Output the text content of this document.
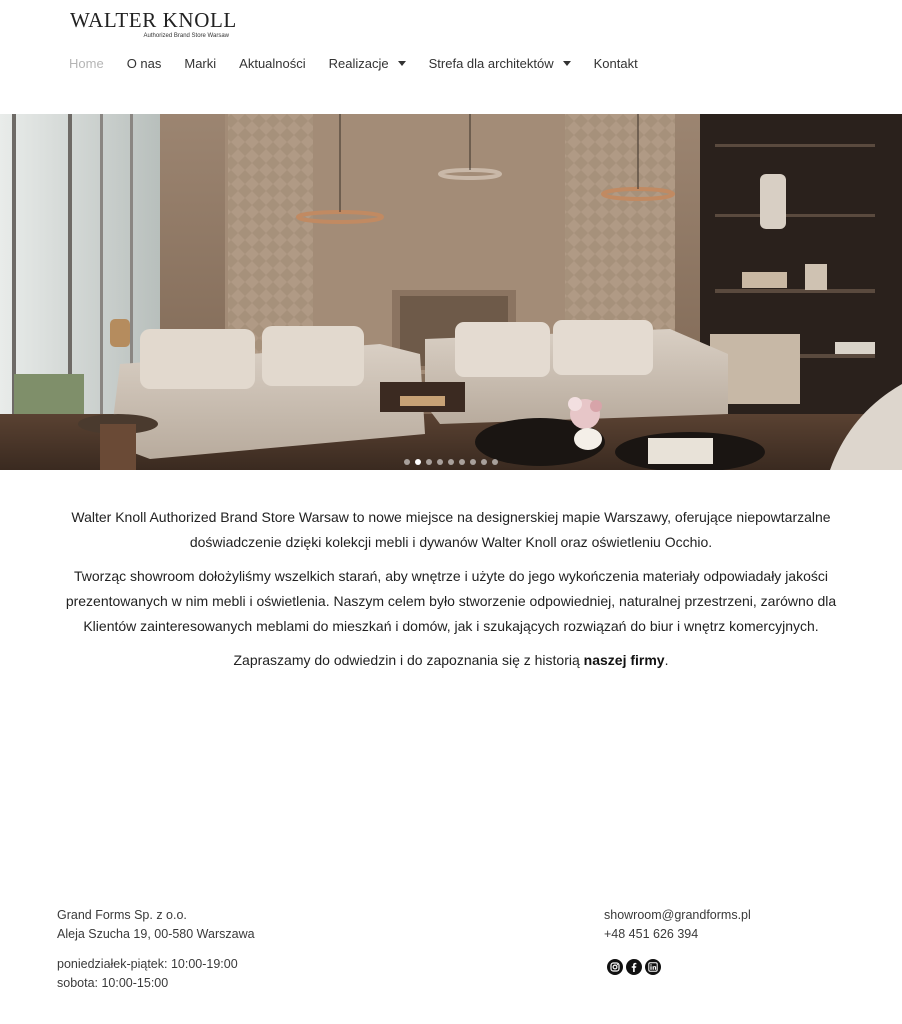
WALTER KNOLL
Authorized Brand Store Warsaw
Home O nas Marki Aktualności Realizacje	Strefa dla architektów	Kontakt

Walter Knoll Authorized Brand Store Warsaw to nowe miejsce na designerskiej mapie Warszawy, oferujące niepowtarzalne doświadczenie dzięki kolekcji mebli i dywanów Walter Knoll oraz oświetleniu Occhio.

Tworząc showroom dołożyliśmy wszelkich starań, aby wnętrze i użyte do jego wykończenia materiały odpowiadały jakości prezentowanych w nim mebli i oświetlenia. Naszym celem było stworzenie odpowiedniej, naturalnej przestrzeni, zarówno dla Klientów zainteresowanych meblami do mieszkań i domów, jak i szukających rozwiązań do biur i wnętrz komercyjnych.

Zapraszamy do odwiedzin i do zapoznania się z historią naszej firmy.

Grand Forms Sp. z o.o.
Aleja Szucha 19, 00-580 Warszawa
poniedziałek-piątek: 10:00-19:00
sobota: 10:00-15:00
showroom@grandforms.pl
+48 451 626 394
